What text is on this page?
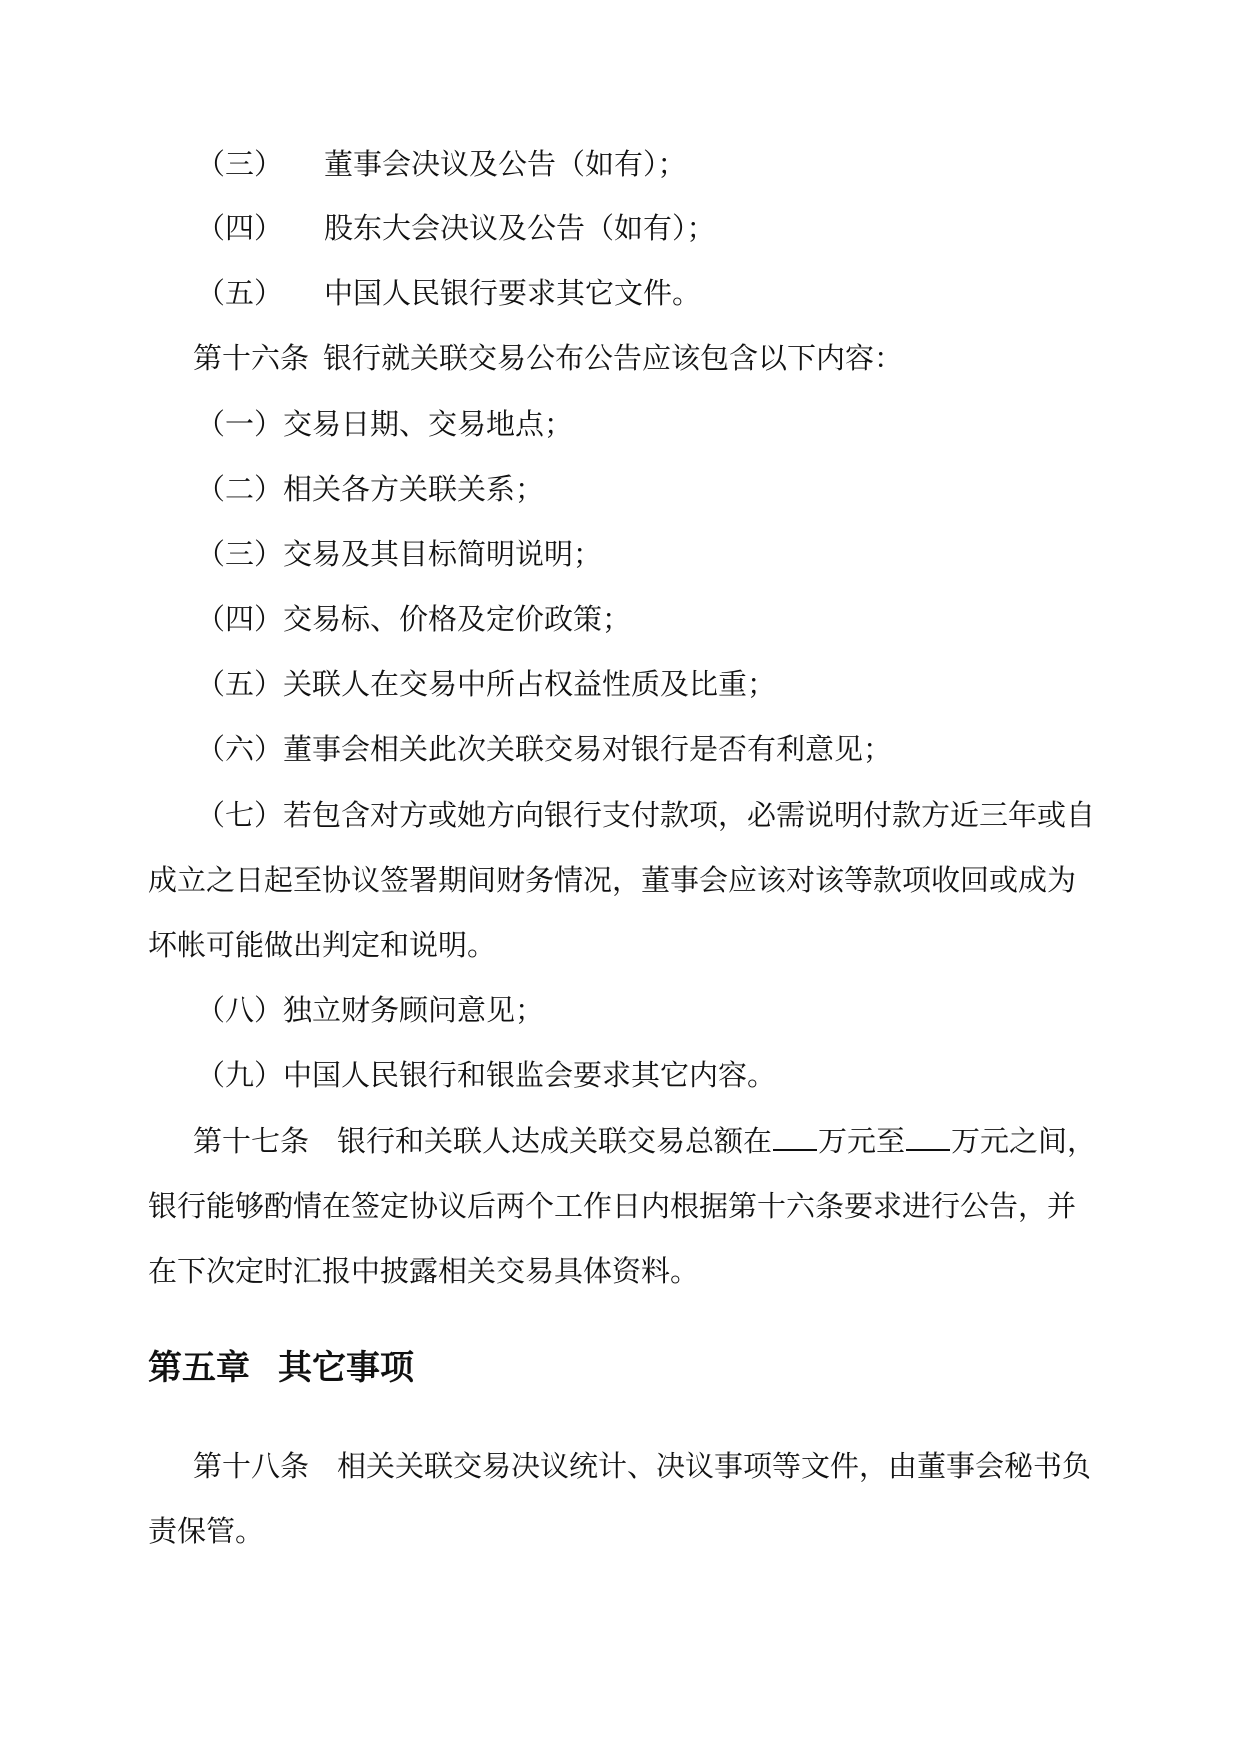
（三） 董事会决议及公告（如有）；
（四） 股东大会决议及公告（如有）；
（五） 中国人民银行要求其它文件。
第十六条 银行就关联交易公布公告应该包含以下内容：
（一）交易日期、交易地点；
（二）相关各方关联关系；
（三）交易及其目标简明说明；
（四）交易标、价格及定价政策；
（五）关联人在交易中所占权益性质及比重；
（六）董事会相关此次关联交易对银行是否有利意见；
（七）若包含对方或她方向银行支付款项，必需说明付款方近三年或自
成立之日起至协议签署期间财务情况，董事会应该对该等款项收回或成为
坏帐可能做出判定和说明。
（八）独立财务顾问意见；
（九）中国人民银行和银监会要求其它内容。
第十七条 银行和关联人达成关联交易总额在 万元至 万元之间，
银行能够酌情在签定协议后两个工作日内根据第十六条要求进行公告，并
在下次定时汇报中披露相关交易具体资料。
第五章 其它事项
第十八条 相关关联交易决议统计、决议事项等文件，由董事会秘书负
责保管。
